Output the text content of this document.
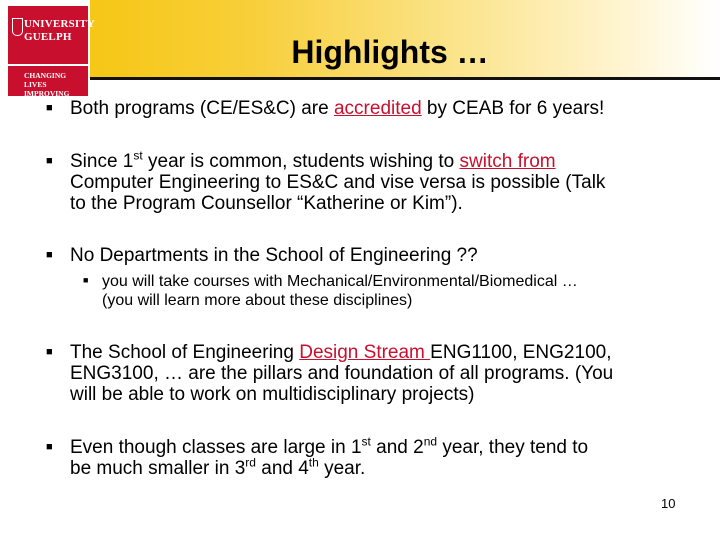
UNIVERSITY
GUELPH
CHANGING LIVES
IMPROVING LIFE
Highlights …
■ Both programs (CE/ES&C) are accredited by CEAB for 6 years!
■ Since 1st year is common, students wishing to switch from
Computer Engineering to ES&C and vise versa is possible (Talk
to the Program Counsellor “Katherine or Kim”).
■ No Departments in the School of Engineering ??
■ you will take courses with Mechanical/Environmental/Biomedical …
(you will learn more about these disciplines)
■ The School of Engineering Design Stream ENG1100, ENG2100,
ENG3100, … are the pillars and foundation of all programs. (You
will be able to work on multidisciplinary projects)
■ Even though classes are large in 1st and 2nd year, they tend to
be much smaller in 3rd and 4th year.
10
